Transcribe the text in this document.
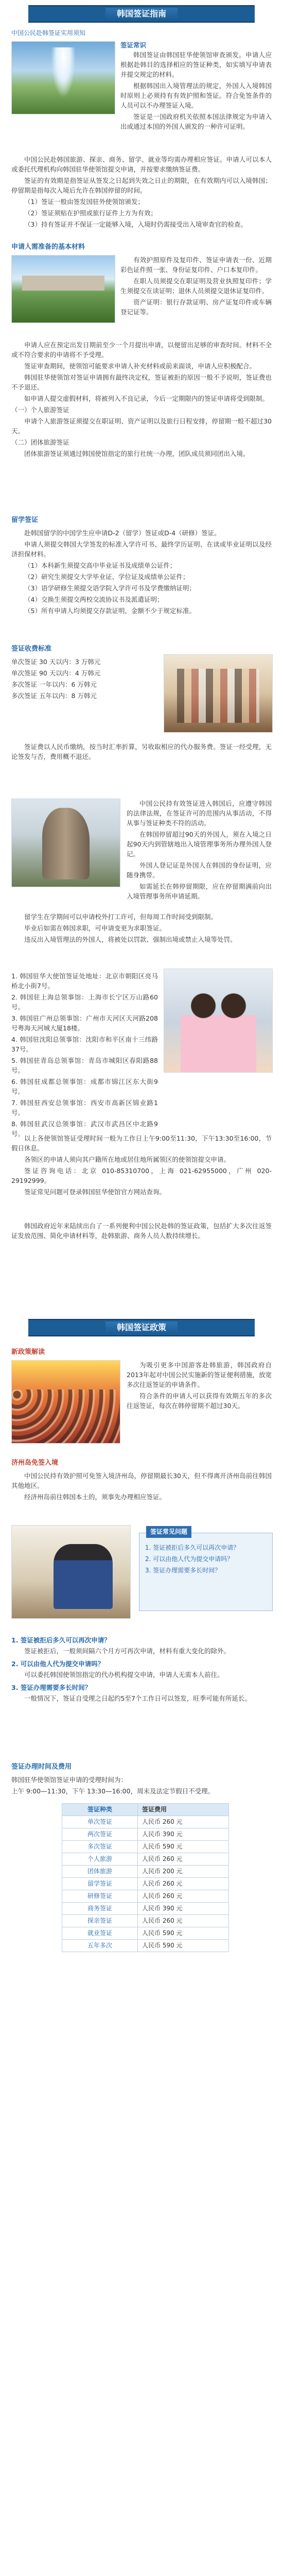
韩国签证指南
中国公民赴韩签证实用须知
签证常识

韩国签证由韩国驻华使领馆审查颁发。申请人应根据赴韩目的选择相应的签证种类，如实填写申请表并提交规定的材料。

根据韩国出入境管理法的规定，外国人入境韩国时原则上必须持有有效护照和签证。符合免签条件的人员可以不办理签证入境。

签证是一国政府机关依照本国法律规定为申请入出或通过本国的外国人颁发的一种许可证明。

中国公民赴韩国旅游、探亲、商务、留学、就业等均需办理相应签证。申请人可以本人或委托代理机构向韩国驻华使领馆提交申请，并按要求缴纳签证费。

签证的有效期是指签证从签发之日起到失效之日止的期限，在有效期内可以入境韩国；停留期是指每次入境后允许在韩国停留的时间。

（1）签证一般由签发国驻外使领馆颁发；

（2）签证须贴在护照或旅行证件上方为有效；

（3）持有签证并不保证一定能够入境，入境时仍需接受出入境审查官的检查。

申请人需准备的基本材料

有效护照原件及复印件、签证申请表一份、近期彩色证件照一张、身份证复印件、户口本复印件。

在职人员须提交在职证明及营业执照复印件；学生须提交在读证明；退休人员须提交退休证复印件。

资产证明：银行存款证明、房产证复印件或车辆登记证等。

申请人应在预定出发日期前至少一个月提出申请，以便留出足够的审查时间。材料不全或不符合要求的申请将不予受理。

签证审查期间，使领馆可能要求申请人补充材料或前来面谈，申请人应积极配合。

韩国驻华使领馆对签证申请拥有最终决定权，签证被拒的原因一般不予说明，签证费也不予退还。

如申请人提交虚假材料，将被列入不良记录，今后一定期限内的签证申请将受到限制。

（一）个人旅游签证

申请个人旅游签证须提交在职证明、资产证明以及旅行日程安排，停留期一般不超过30天。

（二）团体旅游签证

团体旅游签证须通过韩国使馆指定的旅行社统一办理，团队成员须同团出入境。

留学签证

赴韩国留学的中国学生应申请D-2（留学）签证或D-4（研修）签证。

申请人须提交韩国大学签发的标准入学许可书、最终学历证明、在读或毕业证明以及经济担保材料。

（1）本科新生须提交高中毕业证书及成绩单公证件；

（2）研究生须提交大学毕业证、学位证及成绩单公证件；

（3）语学研修生须提交语学院入学许可书及学费缴纳证明；

（4）交换生须提交两校交流协议书及派遣证明；

（5）所有申请人均须提交存款证明，金额不少于规定标准。

签证收费标准

单次签证 30 天以内：3 万韩元

单次签证 90 天以内：4 万韩元

多次签证 一年以内：6 万韩元

多次签证 五年以内：8 万韩元

签证费以人民币缴纳，按当时汇率折算，另收取相应的代办服务费。签证一经受理，无论签发与否，费用概不退还。

中国公民持有效签证进入韩国后，应遵守韩国的法律法规，在签证许可的范围内从事活动，不得从事与签证种类不符的活动。

在韩国停留超过90天的外国人，须在入境之日起90天内到管辖地出入境管理事务所办理外国人登记。

外国人登记证是外国人在韩国的身份证明，应随身携带。

如需延长在韩停留期限，应在停留期满前向出入境管理事务所申请延期。

留学生在学期间可以申请校外打工许可，但每周工作时间受到限制。

毕业后如需在韩国求职，可申请变更为求职签证。

违反出入境管理法的外国人，将被处以罚款、强制出境或禁止入境等处罚。

1. 韩国驻华大使馆签证处地址：北京市朝阳区亮马桥北小街7号。

2. 韩国驻上海总领事馆：上海市长宁区万山路60号。

3. 韩国驻广州总领事馆：广州市天河区天河路208号粤海天河城大厦18楼。

4. 韩国驻沈阳总领事馆：沈阳市和平区南十三纬路37号。

5. 韩国驻青岛总领事馆：青岛市城阳区春阳路88号。

6. 韩国驻成都总领事馆：成都市锦江区东大街9号。

7. 韩国驻西安总领事馆：西安市高新区锦业路1号。

8. 韩国驻武汉总领事馆：武汉市武昌区中北路9号。

以上各使领馆签证受理时间一般为工作日上午9:00至11:30，下午13:30至16:00，节假日休息。

各领区的申请人须向其户籍所在地或居住地所属领区的使领馆提交申请。

签证咨询电话：北京 010-85310700，上海 021-62955000，广州 020-29192999。

签证常见问题可登录韩国驻华使馆官方网站查询。

韩国政府近年来陆续出台了一系列便利中国公民赴韩的签证政策，包括扩大多次往返签证发放范围、简化申请材料等，赴韩旅游、商务人员人数持续增长。

韩国签证政策
新政策解读

为吸引更多中国游客赴韩旅游，韩国政府自2013年起对中国公民实施新的签证便利措施，放宽多次往返签证的申请条件。

符合条件的申请人可以获得有效期五年的多次往返签证，每次在韩停留期不超过30天。

济州岛免签入境

中国公民持有效护照可免签入境济州岛，停留期最长30天，但不得离开济州岛前往韩国其他地区。

经济州岛前往韩国本土的，须事先办理相应签证。

签证常见问题

1. 签证被拒后多久可以再次申请？

2. 可以由他人代为提交申请吗？

3. 签证办理需要多长时间？

1. 签证被拒后多久可以再次申请？
签证被拒后，一般须间隔六个月方可再次申请，材料有重大变化的除外。
2. 可以由他人代为提交申请吗？
可以委托韩国使领馆指定的代办机构提交申请，申请人无需本人前往。
3. 签证办理需要多长时间？
一般情况下，签证自受理之日起约5至7个工作日可以签发，旺季可能有所延长。
签证办理时间及费用

韩国驻华使领馆签证申请的受理时间为：

上午 9:00—11:30，下午 13:30—16:00，周末及法定节假日不受理。

签证种类	签证费用
单次签证	人民币 260 元
两次签证	人民币 390 元
多次签证	人民币 590 元
个人旅游	人民币 260 元
团体旅游	人民币 200 元
留学签证	人民币 260 元
研修签证	人民币 260 元
商务签证	人民币 390 元
探亲签证	人民币 260 元
就业签证	人民币 590 元
五年多次	人民币 590 元
